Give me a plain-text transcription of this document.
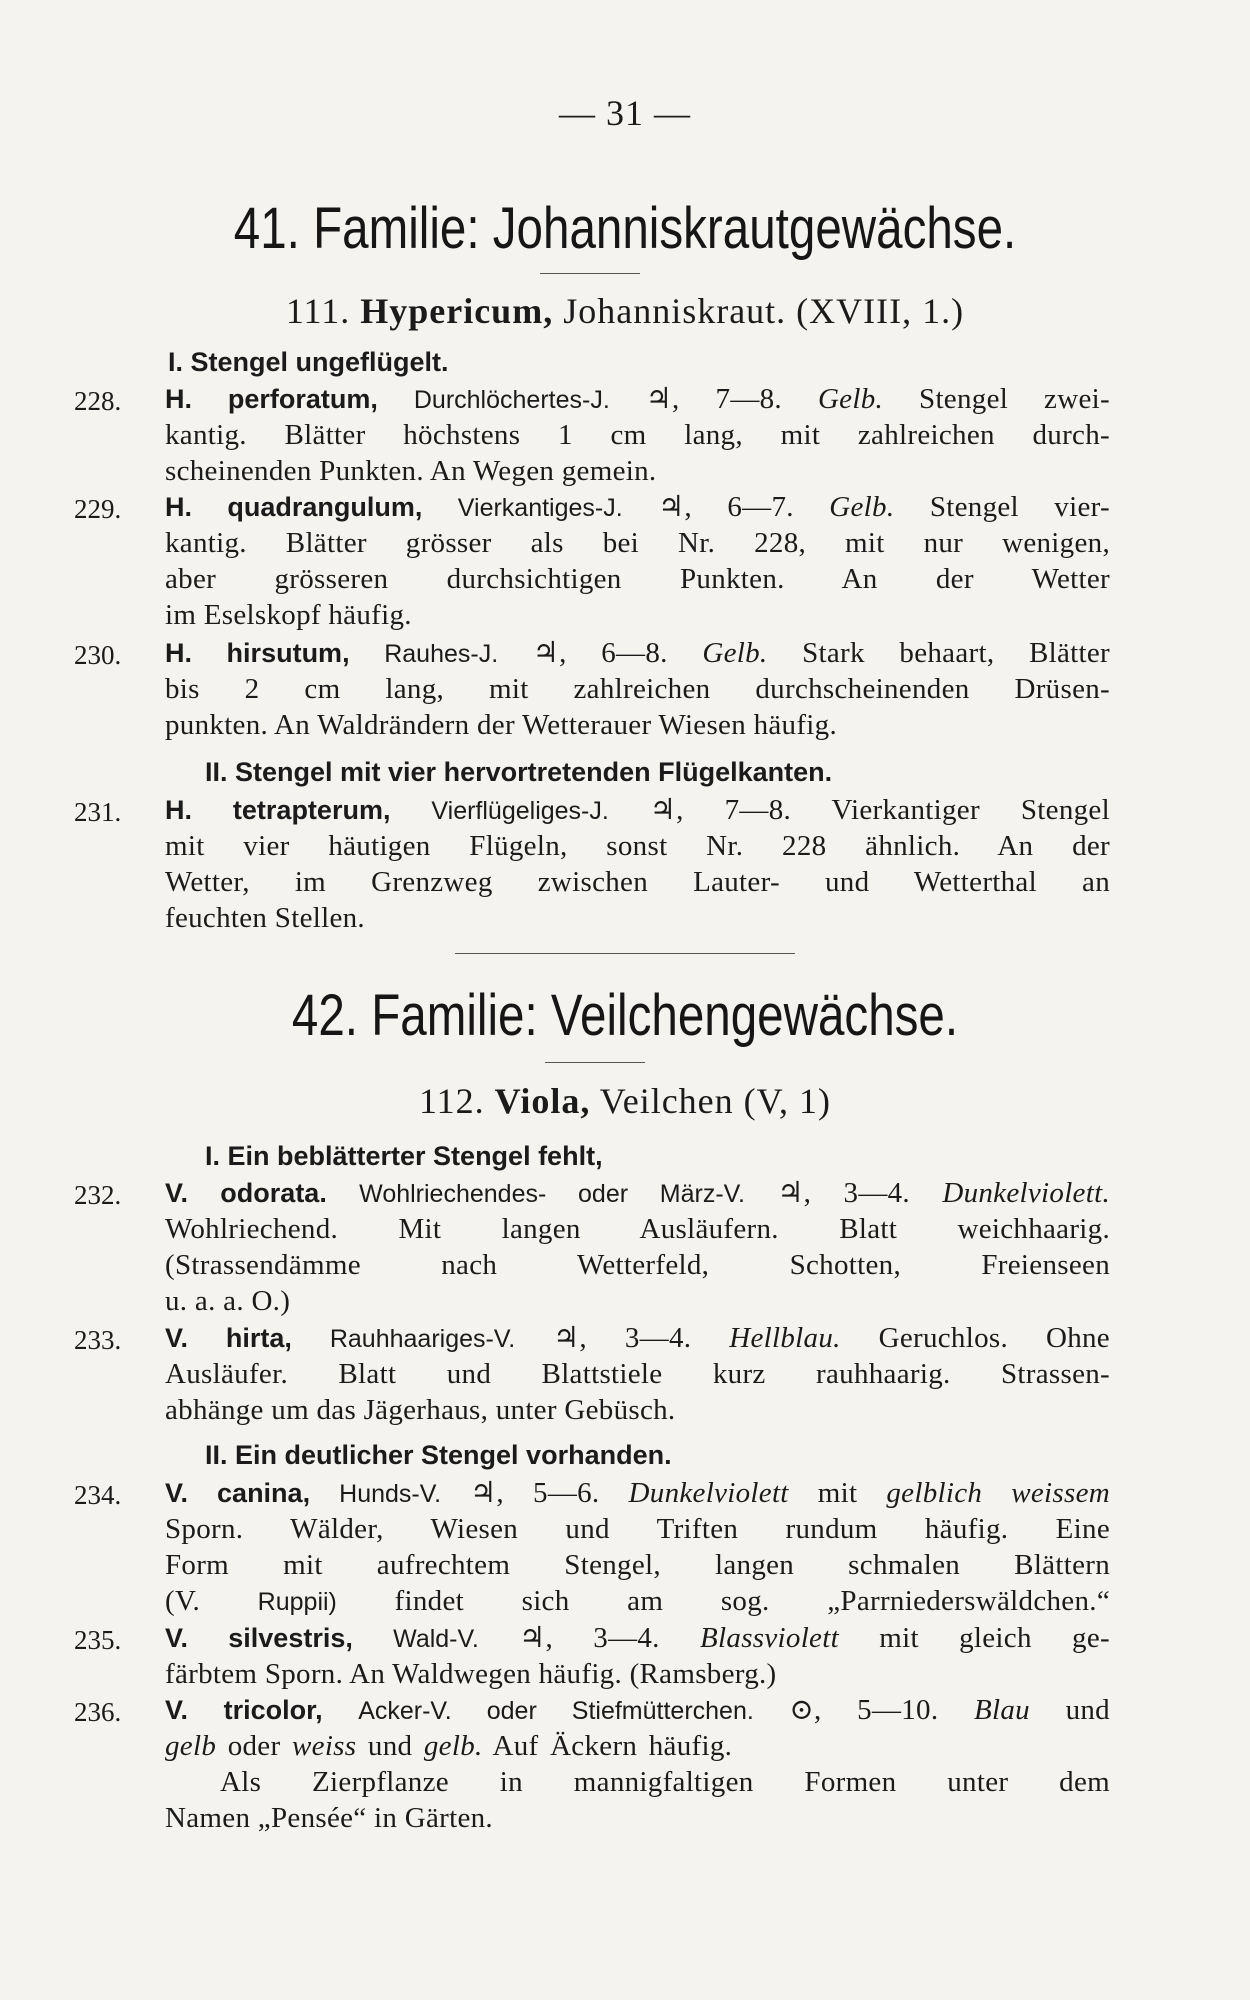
— 31 —
41. Familie: Johanniskrautgewächse.
111. Hypericum, Johanniskraut. (XVIII, 1.)
I. Stengel ungeflügelt.
228. H. perforatum, Durchlöchertes-J. ♃, 7—8. Gelb. Stengel zwei-
kantig. Blätter höchstens 1 cm lang, mit zahlreichen durch-
scheinenden Punkten. An Wegen gemein.
229. H. quadrangulum, Vierkantiges-J. ♃, 6—7. Gelb. Stengel vier-
kantig. Blätter grösser als bei Nr. 228, mit nur wenigen,
aber grösseren durchsichtigen Punkten. An der Wetter
im Eselskopf häufig.
230. H. hirsutum, Rauhes-J. ♃, 6—8. Gelb. Stark behaart, Blätter
bis 2 cm lang, mit zahlreichen durchscheinenden Drüsen-
punkten. An Waldrändern der Wetterauer Wiesen häufig.
II. Stengel mit vier hervortretenden Flügelkanten.
231. H. tetrapterum, Vierflügeliges-J. ♃, 7—8. Vierkantiger Stengel
mit vier häutigen Flügeln, sonst Nr. 228 ähnlich. An der
Wetter, im Grenzweg zwischen Lauter- und Wetterthal an
feuchten Stellen.
42. Familie: Veilchengewächse.
112. Viola, Veilchen (V, 1)
I. Ein beblätterter Stengel fehlt,
232. V. odorata. Wohlriechendes- oder März-V. ♃, 3—4. Dunkelviolett.
Wohlriechend. Mit langen Ausläufern. Blatt weichhaarig.
(Strassendämme nach Wetterfeld, Schotten, Freienseen
u. a. a. O.)
233. V. hirta, Rauhhaariges-V. ♃, 3—4. Hellblau. Geruchlos. Ohne
Ausläufer. Blatt und Blattstiele kurz rauhhaarig. Strassen-
abhänge um das Jägerhaus, unter Gebüsch.
II. Ein deutlicher Stengel vorhanden.
234. V. canina, Hunds-V. ♃, 5—6. Dunkelviolett mit gelblich weissem
Sporn. Wälder, Wiesen und Triften rundum häufig. Eine
Form mit aufrechtem Stengel, langen schmalen Blättern
(V. Ruppii) findet sich am sog. „Parrniederswäldchen.“
235. V. silvestris, Wald-V. ♃, 3—4. Blassviolett mit gleich ge-
färbtem Sporn. An Waldwegen häufig. (Ramsberg.)
236. V. tricolor, Acker-V. oder Stiefmütterchen. ⊙, 5—10. Blau und
gelb oder weiss und gelb. Auf Äckern häufig.
Als Zierpflanze in mannigfaltigen Formen unter dem
Namen „Pensée“ in Gärten.
